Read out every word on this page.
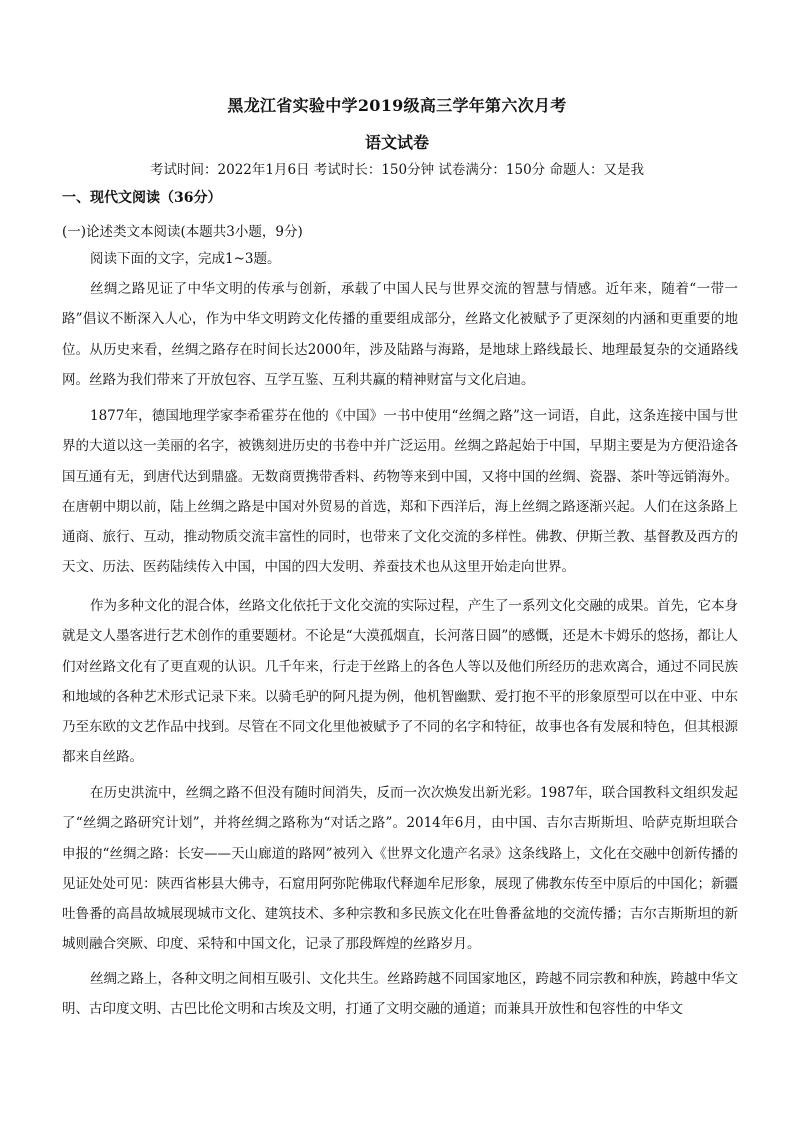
黑龙江省实验中学2019级高三学年第六次月考
语文试卷
考试时间：2022年1月6日 考试时长：150分钟 试卷满分：150分 命题人：又是我
一、现代文阅读（36分）
(一)论述类文本阅读(本题共3小题，9分)

阅读下面的文字，完成1~3题。

丝绸之路见证了中华文明的传承与创新，承载了中国人民与世界交流的智慧与情感。近年来，随着“一带一路”倡议不断深入人心，作为中华文明跨文化传播的重要组成部分，丝路文化被赋予了更深刻的内涵和更重要的地位。从历史来看，丝绸之路存在时间长达2000年，涉及陆路与海路，是地球上路线最长、地理最复杂的交通路线网。丝路为我们带来了开放包容、互学互鉴、互利共赢的精神财富与文化启迪。

1877年，德国地理学家李希霍芬在他的《中国》一书中使用“丝绸之路”这一词语，自此，这条连接中国与世界的大道以这一美丽的名字，被镌刻进历史的书卷中并广泛运用。丝绸之路起始于中国，早期主要是为方便沿途各国互通有无，到唐代达到鼎盛。无数商贾携带香料、药物等来到中国，又将中国的丝绸、瓷器、茶叶等远销海外。在唐朝中期以前，陆上丝绸之路是中国对外贸易的首选，郑和下西洋后，海上丝绸之路逐渐兴起。人们在这条路上通商、旅行、互动，推动物质交流丰富性的同时，也带来了文化交流的多样性。佛教、伊斯兰教、基督教及西方的天文、历法、医药陆续传入中国，中国的四大发明、养蚕技术也从这里开始走向世界。

作为多种文化的混合体，丝路文化依托于文化交流的实际过程，产生了一系列文化交融的成果。首先，它本身就是文人墨客进行艺术创作的重要题材。不论是“大漠孤烟直，长河落日圆”的感慨，还是木卡姆乐的悠扬，都让人们对丝路文化有了更直观的认识。几千年来，行走于丝路上的各色人等以及他们所经历的悲欢离合，通过不同民族和地域的各种艺术形式记录下来。以骑毛驴的阿凡提为例，他机智幽默、爱打抱不平的形象原型可以在中亚、中东乃至东欧的文艺作品中找到。尽管在不同文化里他被赋予了不同的名字和特征，故事也各有发展和特色，但其根源都来自丝路。

在历史洪流中，丝绸之路不但没有随时间消失，反而一次次焕发出新光彩。1987年，联合国教科文组织发起了“丝绸之路研究计划”，并将丝绸之路称为“对话之路”。2014年6月，由中国、吉尔吉斯斯坦、哈萨克斯坦联合申报的“丝绸之路：长安——天山廊道的路网”被列入《世界文化遗产名录》这条线路上，文化在交融中创新传播的见证处处可见：陕西省彬县大佛寺，石窟用阿弥陀佛取代释迦牟尼形象，展现了佛教东传至中原后的中国化；新疆吐鲁番的高昌故城展现城市文化、建筑技术、多种宗教和多民族文化在吐鲁番盆地的交流传播；吉尔吉斯斯坦的新城则融合突厥、印度、采特和中国文化，记录了那段辉煌的丝路岁月。

丝绸之路上，各种文明之间相互吸引、文化共生。丝路跨越不同国家地区，跨越不同宗教和种族，跨越中华文明、古印度文明、古巴比伦文明和古埃及文明，打通了文明交融的通道；而兼具开放性和包容性的中华文
